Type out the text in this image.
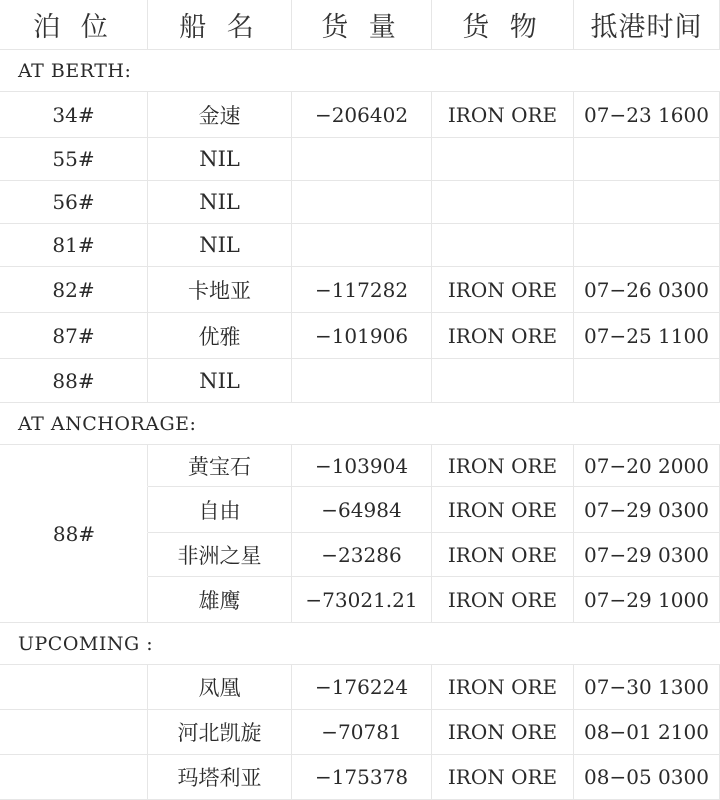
泊 位	船 名	货 量	货 物	抵港时间
AT BERTH:
34#	金速	−206402	IRON ORE	07−23 1600
55#	NIL
56#	NIL
81#	NIL
82#	卡地亚	−117282	IRON ORE	07−26 0300
87#	优雅	−101906	IRON ORE	07−25 1100
88#	NIL
AT ANCHORAGE:
88#
黄宝石	−103904	IRON ORE	07−20 2000
自由	−64984	IRON ORE	07−29 0300
非洲之星	−23286	IRON ORE	07−29 0300
雄鹰	−73021.21	IRON ORE	07−29 1000
UPCOMING :
凤凰	−176224	IRON ORE	07−30 1300
河北凯旋	−70781	IRON ORE	08−01 2100
玛塔利亚	−175378	IRON ORE	08−05 0300
